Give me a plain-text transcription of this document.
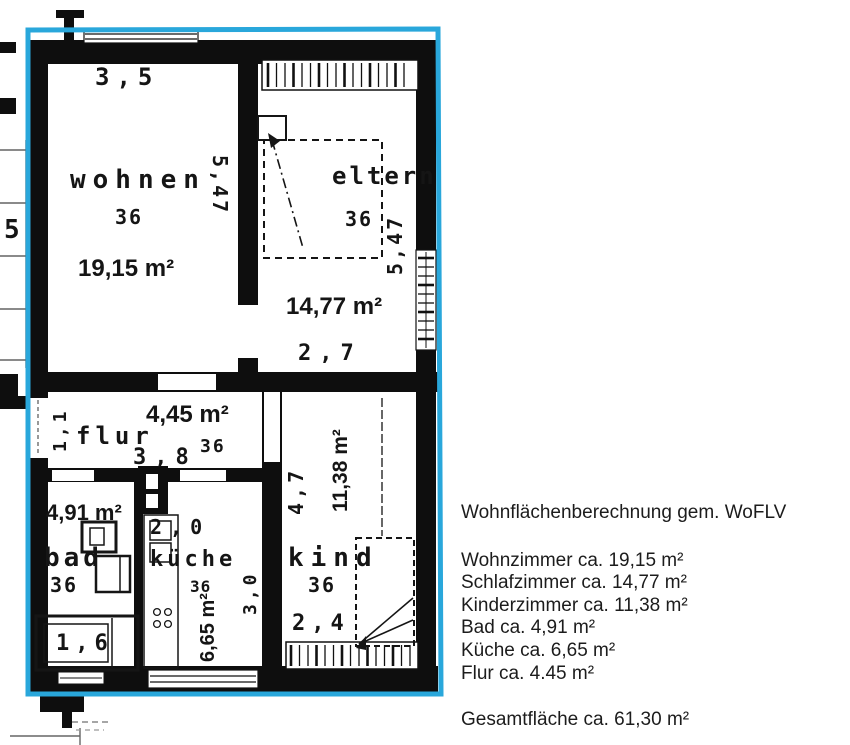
5
3,5
wohnen
36
19,15 m²
5,47	eltern
36 5,47
14,77 m²
2,7
1,1 flur
4,45 m²
36
3,8
4,91 m²
bad
36
1,6
2,0
küche
36
6,65 m²
3,0
4,7 11,38 m²
kind
36
2,4
Wohnflächenberechnung gem. WoFLV
Wohnzimmer ca. 19,15 m²
Schlafzimmer ca. 14,77 m²
Kinderzimmer ca. 11,38 m²
Bad ca. 4,91 m²
Küche ca. 6,65 m²
Flur ca. 4.45 m²
Gesamtfläche ca. 61,30 m²
